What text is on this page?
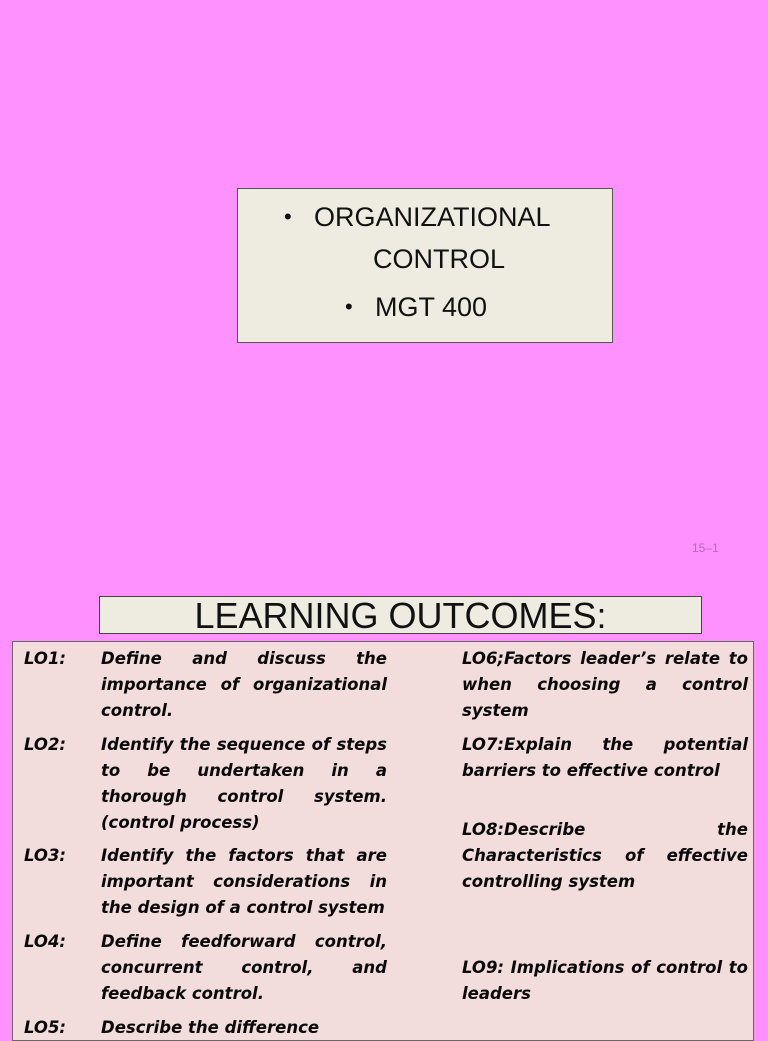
• ORGANIZATIONAL
CONTROL
• MGT 400
15–1
LEARNING OUTCOMES:
LO1: Define and discuss the importance of organizational control.
LO2: Identify the sequence of steps to be undertaken in a thorough control system.(control process)
LO3: Identify the factors that are important considerations in the design of a control system
LO4: Define feedforward control, concurrent control, and feedback control.
LO5: Describe the difference
LO6;Factors leader’s relate to when choosing a control system
LO7:Explain the potential barriers to effective control
LO8:Describe the Characteristics of effective controlling system
LO9: Implications of control to leaders
